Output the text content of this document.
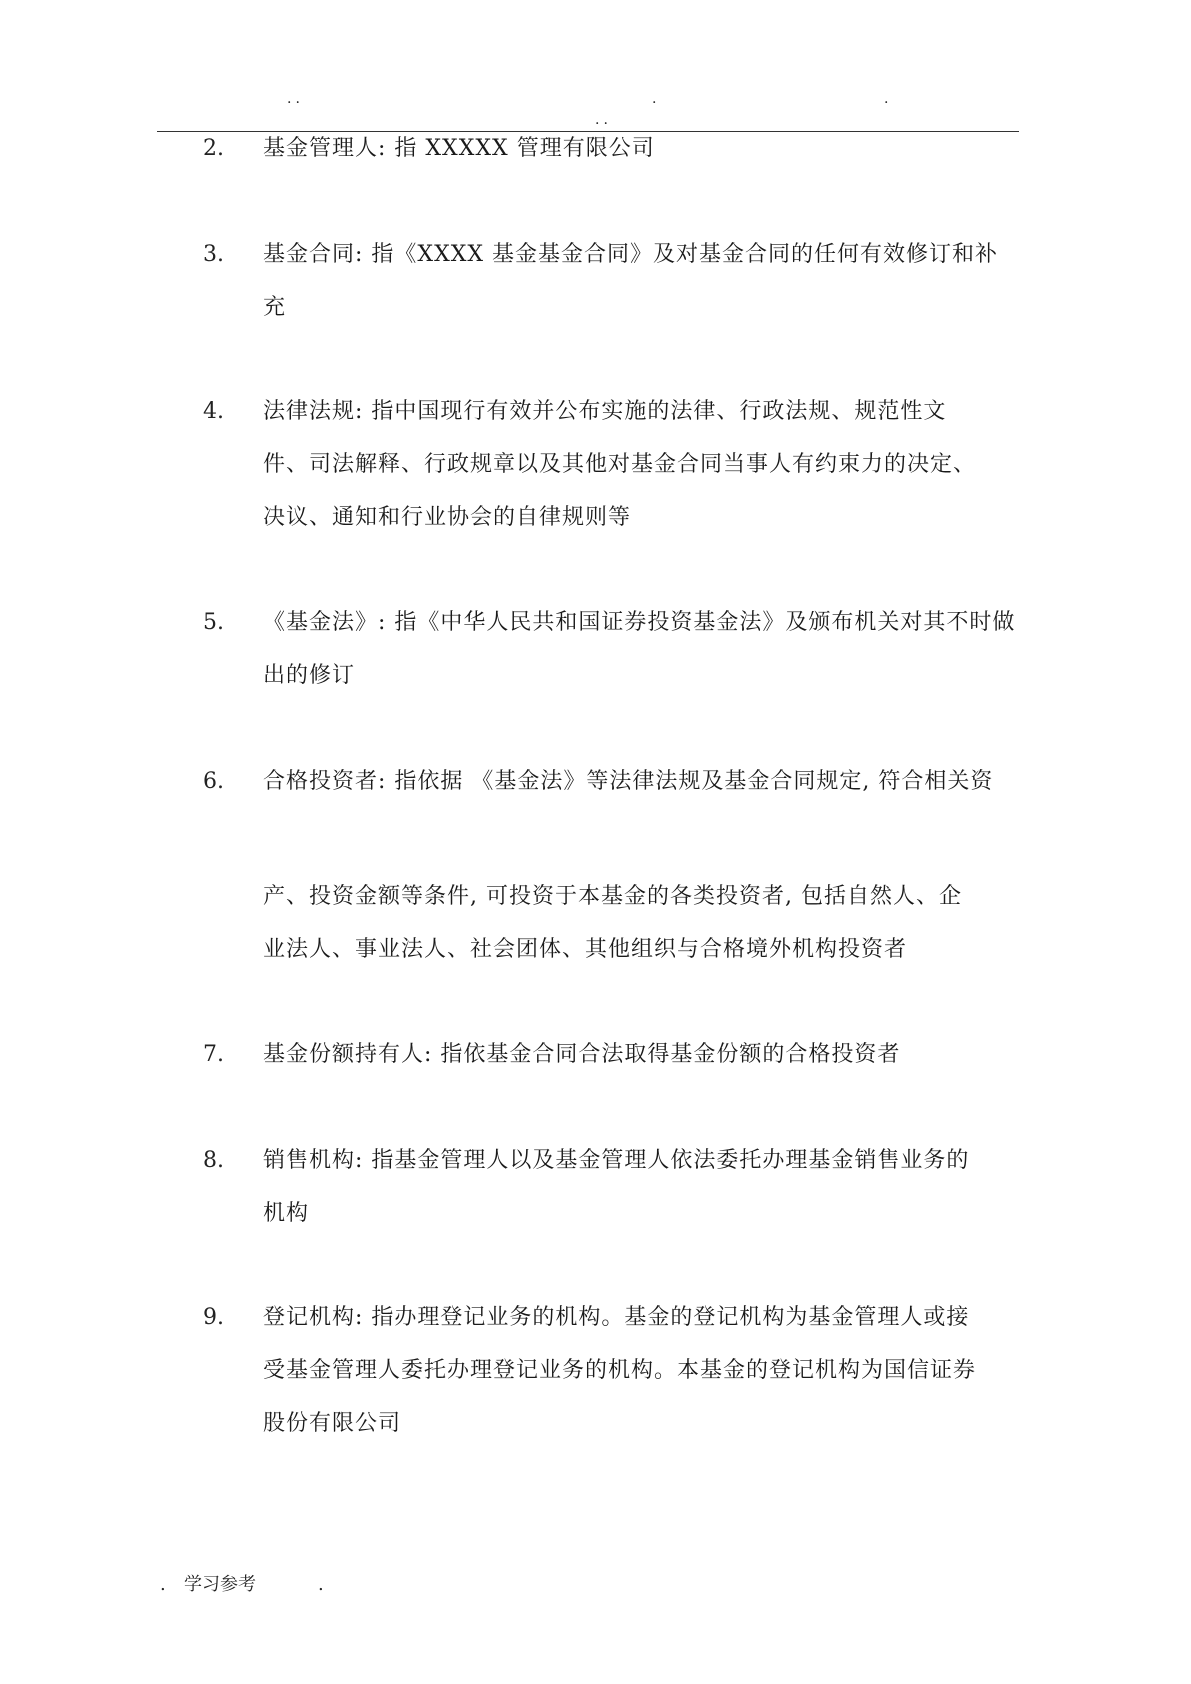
..	.
..
.
2. 基金管理人: 指 XXXXX 管理有限公司
3. 基金合同: 指《XXXX 基金基金合同》及对基金合同的任何有效修订和补
充
4. 法律法规: 指中国现行有效并公布实施的法律、行政法规、规范性文
件、司法解释、行政规章以及其他对基金合同当事人有约束力的决定、
决议、通知和行业协会的自律规则等
5. 《基金法》: 指《中华人民共和国证券投资基金法》及颁布机关对其不时做
出的修订
6. 合格投资者: 指依据 《基金法》等法律法规及基金合同规定, 符合相关资
产、投资金额等条件, 可投资于本基金的各类投资者, 包括自然人、企
业法人、事业法人、社会团体、其他组织与合格境外机构投资者
7. 基金份额持有人: 指依基金合同合法取得基金份额的合格投资者
8. 销售机构: 指基金管理人以及基金管理人依法委托办理基金销售业务的
机构
9. 登记机构: 指办理登记业务的机构。基金的登记机构为基金管理人或接
受基金管理人委托办理登记业务的机构。本基金的登记机构为国信证券
股份有限公司
. 学习参考	.
